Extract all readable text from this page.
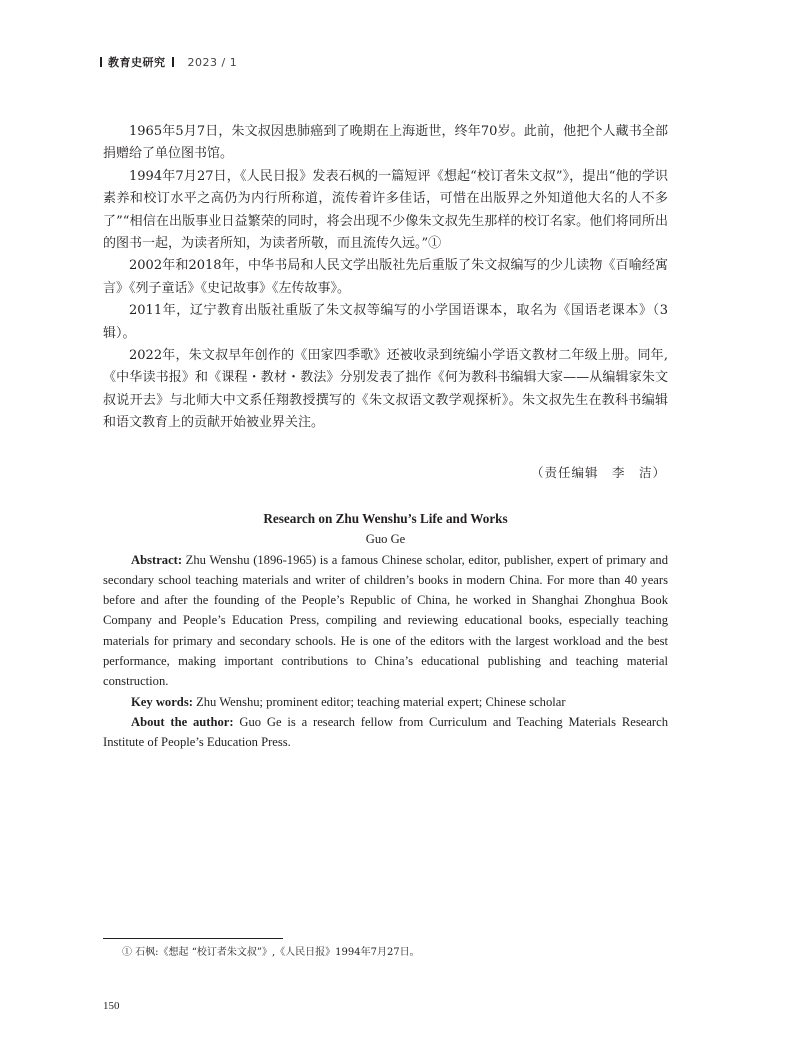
教育史研究 2023 / 1

1965年5月7日，朱文叔因患肺癌到了晚期在上海逝世，终年70岁。此前，他把个人藏书全部捐赠给了单位图书馆。

1994年7月27日，《人民日报》发表石枫的一篇短评《想起“校订者朱文叔”》，提出“他的学识素养和校订水平之高仍为内行所称道，流传着许多佳话，可惜在出版界之外知道他大名的人不多了”“相信在出版事业日益繁荣的同时，将会出现不少像朱文叔先生那样的校订名家。他们将同所出的图书一起，为读者所知，为读者所敬，而且流传久远。”①

2002年和2018年，中华书局和人民文学出版社先后重版了朱文叔编写的少儿读物《百喻经寓言》《列子童话》《史记故事》《左传故事》。

2011年，辽宁教育出版社重版了朱文叔等编写的小学国语课本，取名为《国语老课本》（3辑）。

2022年，朱文叔早年创作的《田家四季歌》还被收录到统编小学语文教材二年级上册。同年,《中华读书报》和《课程・教材・教法》分别发表了拙作《何为教科书编辑大家——从编辑家朱文叔说开去》与北师大中文系任翔教授撰写的《朱文叔语文教学观探析》。朱文叔先生在教科书编辑和语文教育上的贡献开始被业界关注。

（责任编辑　李　洁）
Research on Zhu Wenshu’s Life and Works
Guo Ge

Abstract: Zhu Wenshu (1896-1965) is a famous Chinese scholar, editor, publisher, expert of primary and secondary school teaching materials and writer of children’s books in modern China. For more than 40 years before and after the founding of the People’s Republic of China, he worked in Shanghai Zhonghua Book Company and People’s Education Press, compiling and reviewing educational books, especially teaching materials for primary and secondary schools. He is one of the editors with the largest workload and the best performance, making important contributions to China’s educational publishing and teaching material construction.

Key words: Zhu Wenshu; prominent editor; teaching material expert; Chinese scholar

About the author: Guo Ge is a research fellow from Curriculum and Teaching Materials Research Institute of People’s Education Press.

① 石枫:《想起 “校订者朱文叔”》,《人民日报》1994年7月27日。
150
